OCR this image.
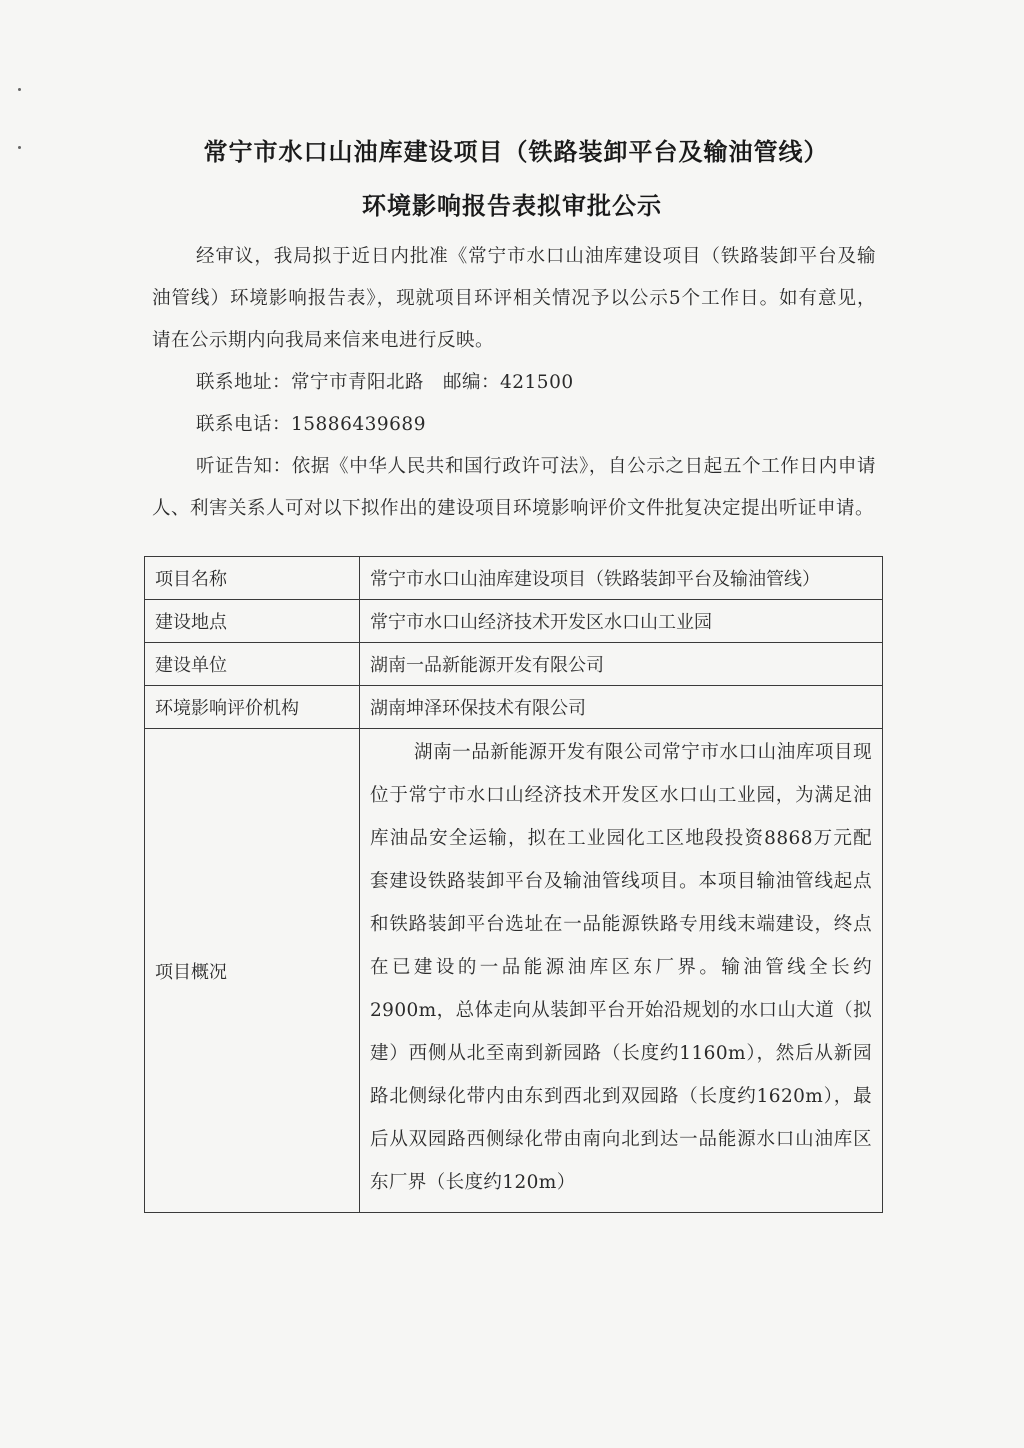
常宁市水口山油库建设项目（铁路装卸平台及输油管线）
环境影响报告表拟审批公示
经审议，我局拟于近日内批准《常宁市水口山油库建设项目（铁路装卸平台及输油管线）环境影响报告表》，现就项目环评相关情况予以公示5个工作日。如有意见，请在公示期内向我局来信来电进行反映。
联系地址：常宁市青阳北路　邮编：421500
联系电话：15886439689
听证告知：依据《中华人民共和国行政许可法》，自公示之日起五个工作日内申请人、利害关系人可对以下拟作出的建设项目环境影响评价文件批复决定提出听证申请。
项目名称	常宁市水口山油库建设项目（铁路装卸平台及输油管线）
建设地点	常宁市水口山经济技术开发区水口山工业园
建设单位	湖南一品新能源开发有限公司
环境影响评价机构	湖南坤泽环保技术有限公司
项目概况	湖南一品新能源开发有限公司常宁市水口山油库项目现位于常宁市水口山经济技术开发区水口山工业园，为满足油库油品安全运输，拟在工业园化工区地段投资8868万元配套建设铁路装卸平台及输油管线项目。本项目输油管线起点和铁路装卸平台选址在一品能源铁路专用线末端建设，终点在已建设的一品能源油库区东厂界。输油管线全长约2900m，总体走向从装卸平台开始沿规划的水口山大道（拟建）西侧从北至南到新园路（长度约1160m），然后从新园路北侧绿化带内由东到西北到双园路（长度约1620m），最后从双园路西侧绿化带由南向北到达一品能源水口山油库区东厂界（长度约120m）
